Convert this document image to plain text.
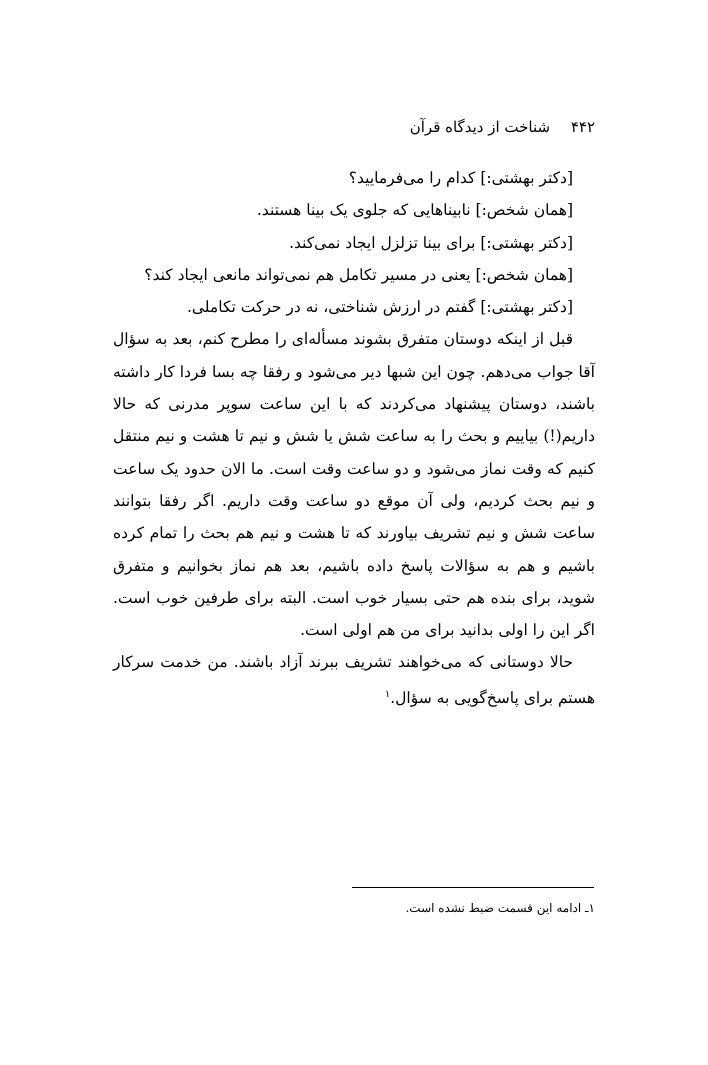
۴۴۲ شناخت از دیدگاه قرآن

[دکتر بهشتی:] کدام را می‌فرمایید؟

[همان شخص:] نابیناهایی که جلوی یک بینا هستند.

[دکتر بهشتی:] برای بینا تزلزل ایجاد نمی‌کند.

[همان شخص:] یعنی در مسیر تکامل هم نمی‌تواند مانعی ایجاد کند؟

[دکتر بهشتی:] گفتم در ارزش شناختی، نه در حرکت تکاملی.

قبل از اینکه دوستان متفرق بشوند مسأله‌ای را مطرح کنم، بعد به سؤال آقا جواب می‌دهم. چون این شبها دیر می‌شود و رفقا چه بسا فردا کار داشته باشند، دوستان پیشنهاد می‌کردند که با این ساعت سوپر مدرنی که حالا داریم(!) بیاییم و بحث را به ساعت شش یا شش و نیم تا هشت و نیم منتقل کنیم که وقت نماز می‌شود و دو ساعت وقت است. ما الان حدود یک ساعت و نیم بحث کردیم، ولی آن موقع دو ساعت وقت داریم. اگر رفقا بتوانند ساعت شش و نیم تشریف بیاورند که تا هشت و نیم هم بحث را تمام کرده باشیم و هم به سؤالات پاسخ داده باشیم، بعد هم نماز بخوانیم و متفرق شوید، برای بنده هم حتی بسیار خوب است. البته برای طرفین خوب است. اگر این را اولی بدانید برای من هم اولی است.

حالا دوستانی که می‌خواهند تشریف ببرند آزاد باشند. من خدمت سرکار هستم برای پاسخ‌گویی به سؤال.$^۱$

۱ـ ادامه این قسمت ضبط نشده است.
